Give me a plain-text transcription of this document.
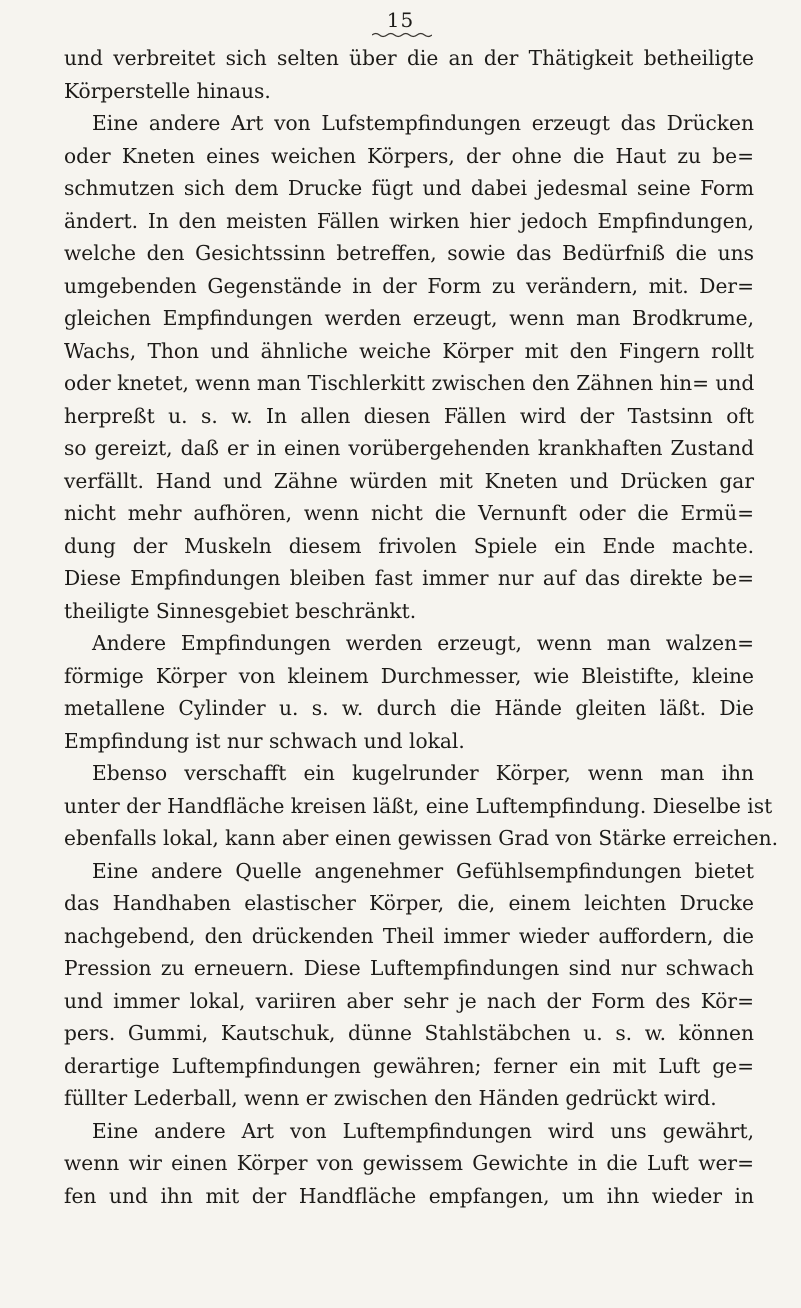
15
und verbreitet sich selten über die an der Thätigkeit betheiligte
Körperstelle hinaus.
Eine andere Art von Lufstempfindungen erzeugt das Drücken
oder Kneten eines weichen Körpers, der ohne die Haut zu be=
schmutzen sich dem Drucke fügt und dabei jedesmal seine Form
ändert. In den meisten Fällen wirken hier jedoch Empfindungen,
welche den Gesichtssinn betreffen, sowie das Bedürfniß die uns
umgebenden Gegenstände in der Form zu verändern, mit. Der=
gleichen Empfindungen werden erzeugt, wenn man Brodkrume,
Wachs, Thon und ähnliche weiche Körper mit den Fingern rollt
oder knetet, wenn man Tischlerkitt zwischen den Zähnen hin= und
herpreßt u. s. w. In allen diesen Fällen wird der Tastsinn oft
so gereizt, daß er in einen vorübergehenden krankhaften Zustand
verfällt. Hand und Zähne würden mit Kneten und Drücken gar
nicht mehr aufhören, wenn nicht die Vernunft oder die Ermü=
dung der Muskeln diesem frivolen Spiele ein Ende machte.
Diese Empfindungen bleiben fast immer nur auf das direkte be=
theiligte Sinnesgebiet beschränkt.
Andere Empfindungen werden erzeugt, wenn man walzen=
förmige Körper von kleinem Durchmesser, wie Bleistifte, kleine
metallene Cylinder u. s. w. durch die Hände gleiten läßt. Die
Empfindung ist nur schwach und lokal.
Ebenso verschafft ein kugelrunder Körper, wenn man ihn
unter der Handfläche kreisen läßt, eine Luftempfindung. Dieselbe ist
ebenfalls lokal, kann aber einen gewissen Grad von Stärke erreichen.
Eine andere Quelle angenehmer Gefühlsempfindungen bietet
das Handhaben elastischer Körper, die, einem leichten Drucke
nachgebend, den drückenden Theil immer wieder auffordern, die
Pression zu erneuern. Diese Luftempfindungen sind nur schwach
und immer lokal, variiren aber sehr je nach der Form des Kör=
pers. Gummi, Kautschuk, dünne Stahlstäbchen u. s. w. können
derartige Luftempfindungen gewähren; ferner ein mit Luft ge=
füllter Lederball, wenn er zwischen den Händen gedrückt wird.
Eine andere Art von Luftempfindungen wird uns gewährt,
wenn wir einen Körper von gewissem Gewichte in die Luft wer=
fen und ihn mit der Handfläche empfangen, um ihn wieder in
